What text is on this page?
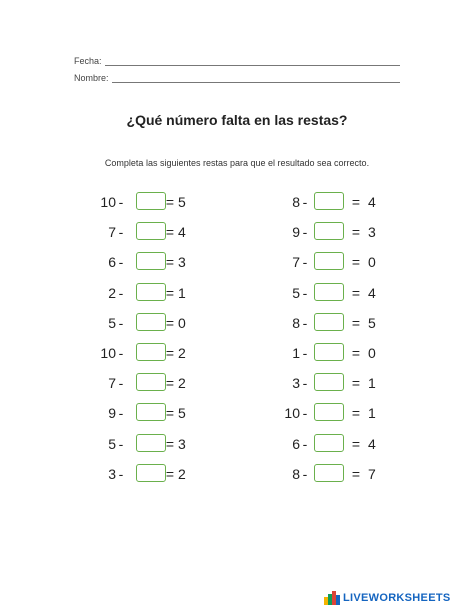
Fecha:
Nombre:
¿Qué número falta en las restas?
Completa las siguientes restas para que el resultado sea correcto.
10 -	= 5
7 -	= 4
6 -	= 3
2 -	= 1
5 -	= 0
10 -	= 2
7 -	= 2
9 -	= 5
5 -	= 3
3 -	= 2
8 -	= 4
9 -	= 3
7 -	= 0
5 -	= 4
8 -	= 5
1 -	= 0
3 -	= 1
10 -	= 1
6 -	= 4
8 -	= 7
LIVEWORKSHEETS
